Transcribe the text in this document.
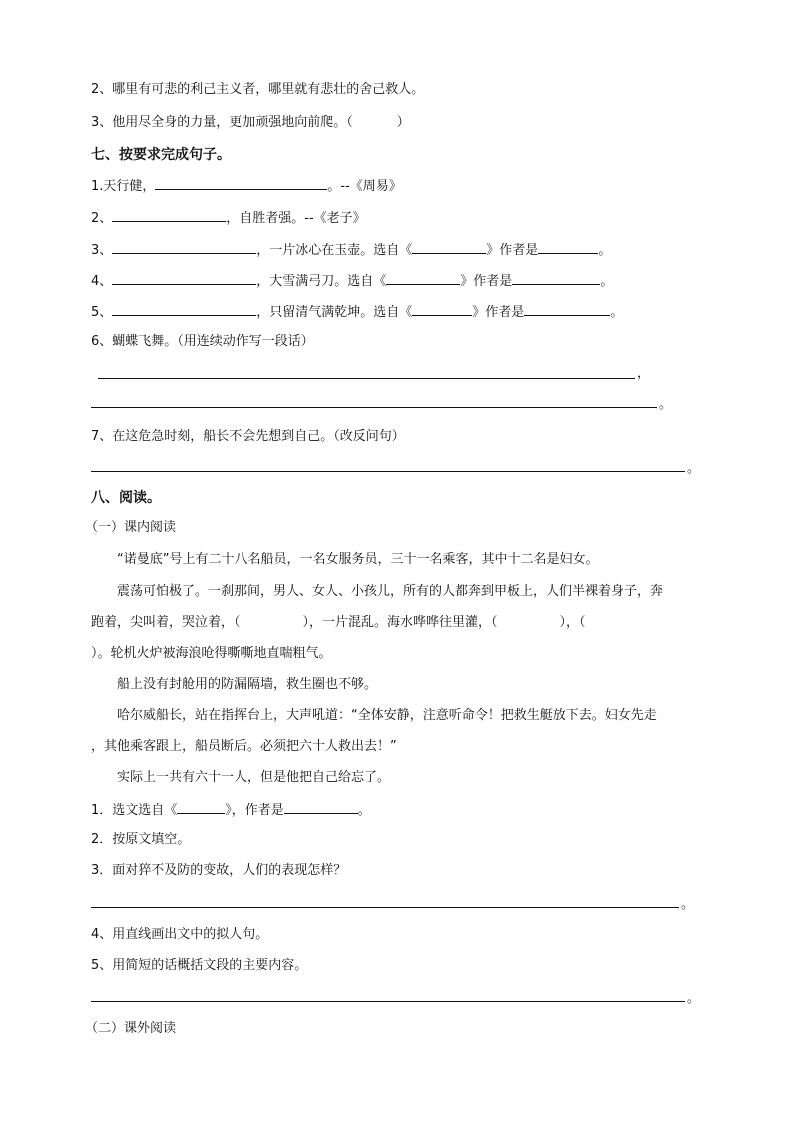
2、哪里有可悲的利己主义者，哪里就有悲壮的舍己救人。
3、他用尽全身的力量，更加顽强地向前爬。（	）
七、按要求完成句子。
1.天行健，	。--《周易》
2、	，自胜者强。--《老子》
3、	，一片冰心在玉壶。选自《	》作者是	。
4、	，大雪满弓刀。选自《	》作者是	。
5、	，只留清气满乾坤。选自《	》作者是	。
6、蝴蝶飞舞。（用连续动作写一段话）
，
。
7、在这危急时刻，船长不会先想到自己。（改反问句）
。
八、阅读。
（一）课内阅读
“诺曼底”号上有二十八名船员，一名女服务员，三十一名乘客，其中十二名是妇女。
震荡可怕极了。一刹那间，男人、女人、小孩儿，所有的人都奔到甲板上，人们半裸着身子，奔
跑着，尖叫着，哭泣着，（	），一片混乱。海水哗哗往里灌，（	），（
）。轮机火炉被海浪呛得嘶嘶地直喘粗气。
船上没有封舱用的防漏隔墙，救生圈也不够。
哈尔威船长，站在指挥台上，大声吼道：“全体安静，注意听命令！把救生艇放下去。妇女先走
，其他乘客跟上，船员断后。必须把六十人救出去！”
实际上一共有六十一人，但是他把自己给忘了。
1．选文选自《	》，作者是	。
2．按原文填空。
3．面对猝不及防的变故，人们的表现怎样？
。
4、用直线画出文中的拟人句。
5、用简短的话概括文段的主要内容。
。
（二）课外阅读
